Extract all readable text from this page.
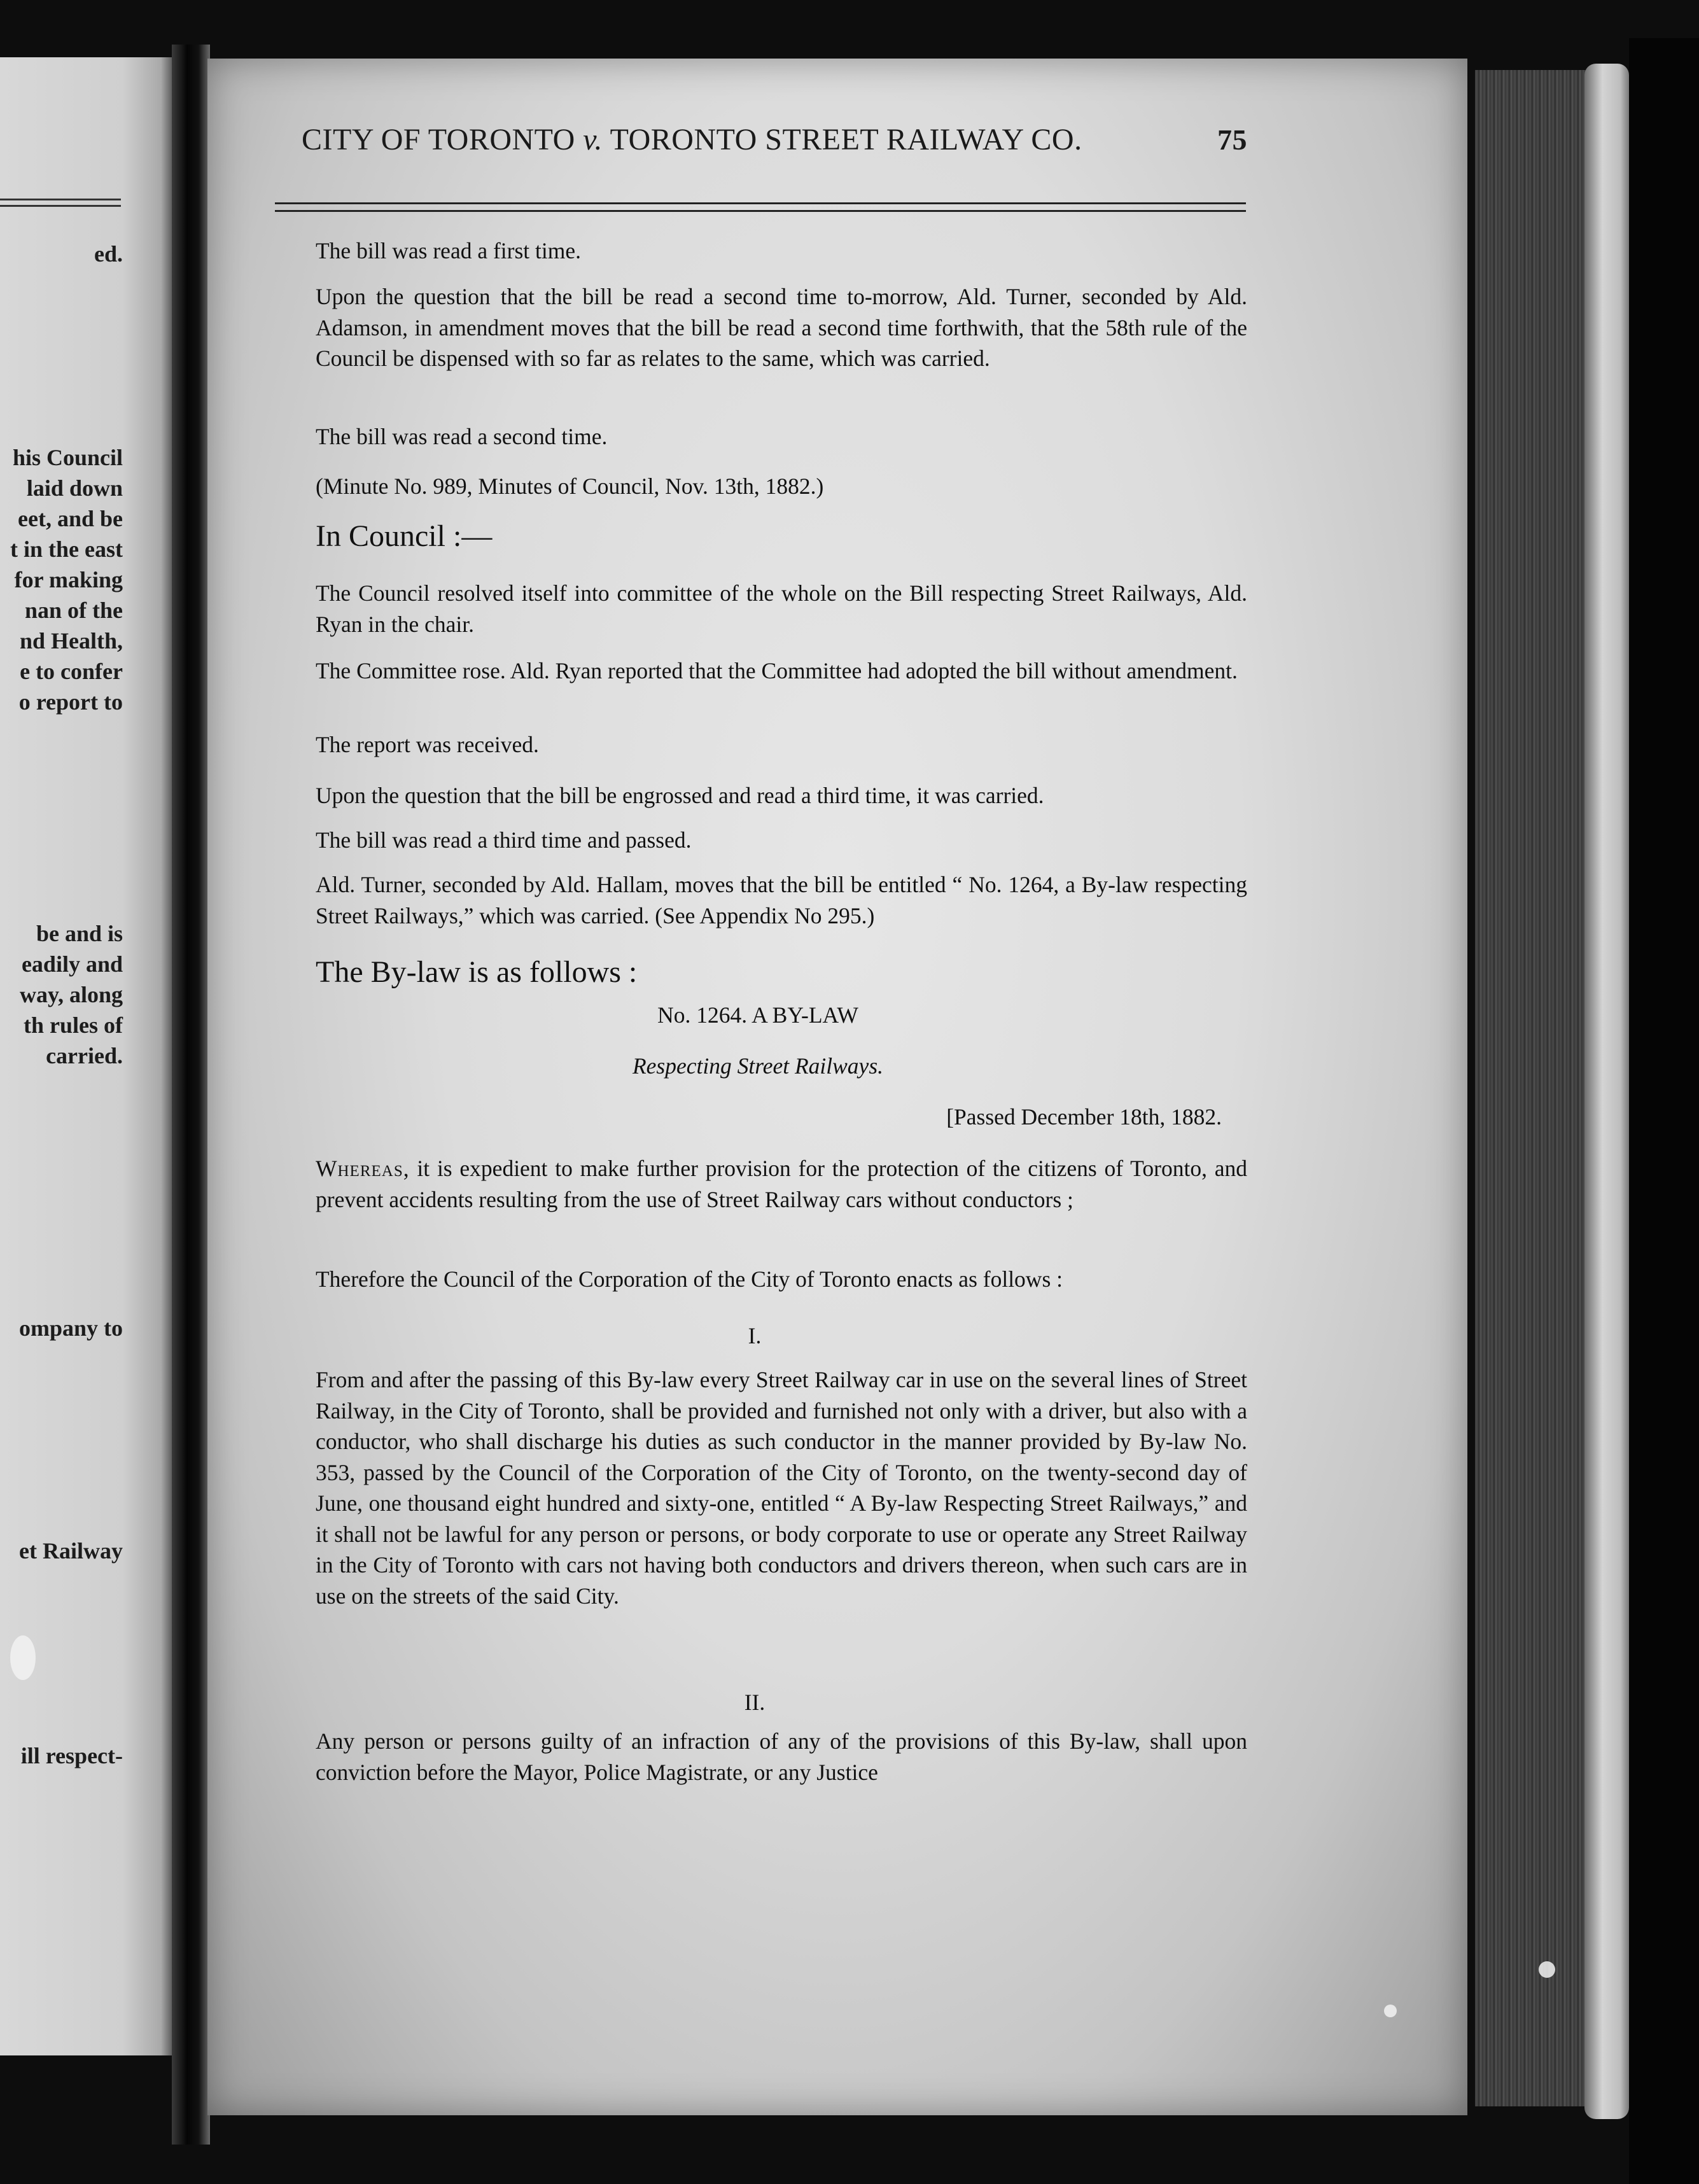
ed.
his Council
laid down
eet, and be
t in the east
for making
nan of the
nd Health,
e to confer
o report to
be and is
eadily and
way, along
th rules of
carried.
ompany to
et Railway
ill respect-
CITY OF TORONTO v. TORONTO STREET RAILWAY CO.	75

The bill was read a first time.

Upon the question that the bill be read a second time to-morrow, Ald. Turner, seconded by Ald. Adamson, in amendment moves that the bill be read a second time forthwith, that the 58th rule of the Council be dispensed with so far as relates to the same, which was carried.

The bill was read a second time.

(Minute No. 989, Minutes of Council, Nov. 13th, 1882.)

In Council :—

The Council resolved itself into committee of the whole on the Bill respecting Street Railways, Ald. Ryan in the chair.

The Committee rose. Ald. Ryan reported that the Committee had adopted the bill without amendment.

The report was received.

Upon the question that the bill be engrossed and read a third time, it was carried.

The bill was read a third time and passed.

Ald. Turner, seconded by Ald. Hallam, moves that the bill be entitled “ No. 1264, a By-law respecting Street Railways,” which was carried. (See Appendix No 295.)

The By-law is as follows :
No. 1264. A BY-LAW
Respecting Street Railways.
[Passed December 18th, 1882.

Whereas, it is expedient to make further provision for the protection of the citizens of Toronto, and prevent accidents resulting from the use of Street Railway cars without conductors ;

Therefore the Council of the Corporation of the City of Toronto enacts as follows :

I.

From and after the passing of this By-law every Street Railway car in use on the several lines of Street Railway, in the City of Toronto, shall be provided and furnished not only with a driver, but also with a conductor, who shall discharge his duties as such conductor in the manner provided by By-law No. 353, passed by the Council of the Corporation of the City of Toronto, on the twenty-second day of June, one thousand eight hundred and sixty-one, entitled “ A By-law Respecting Street Railways,” and it shall not be lawful for any person or persons, or body corporate to use or operate any Street Railway in the City of Toronto with cars not having both conductors and drivers thereon, when such cars are in use on the streets of the said City.

II.

Any person or persons guilty of an infraction of any of the provisions of this By-law, shall upon conviction before the Mayor, Police Magistrate, or any Justice
